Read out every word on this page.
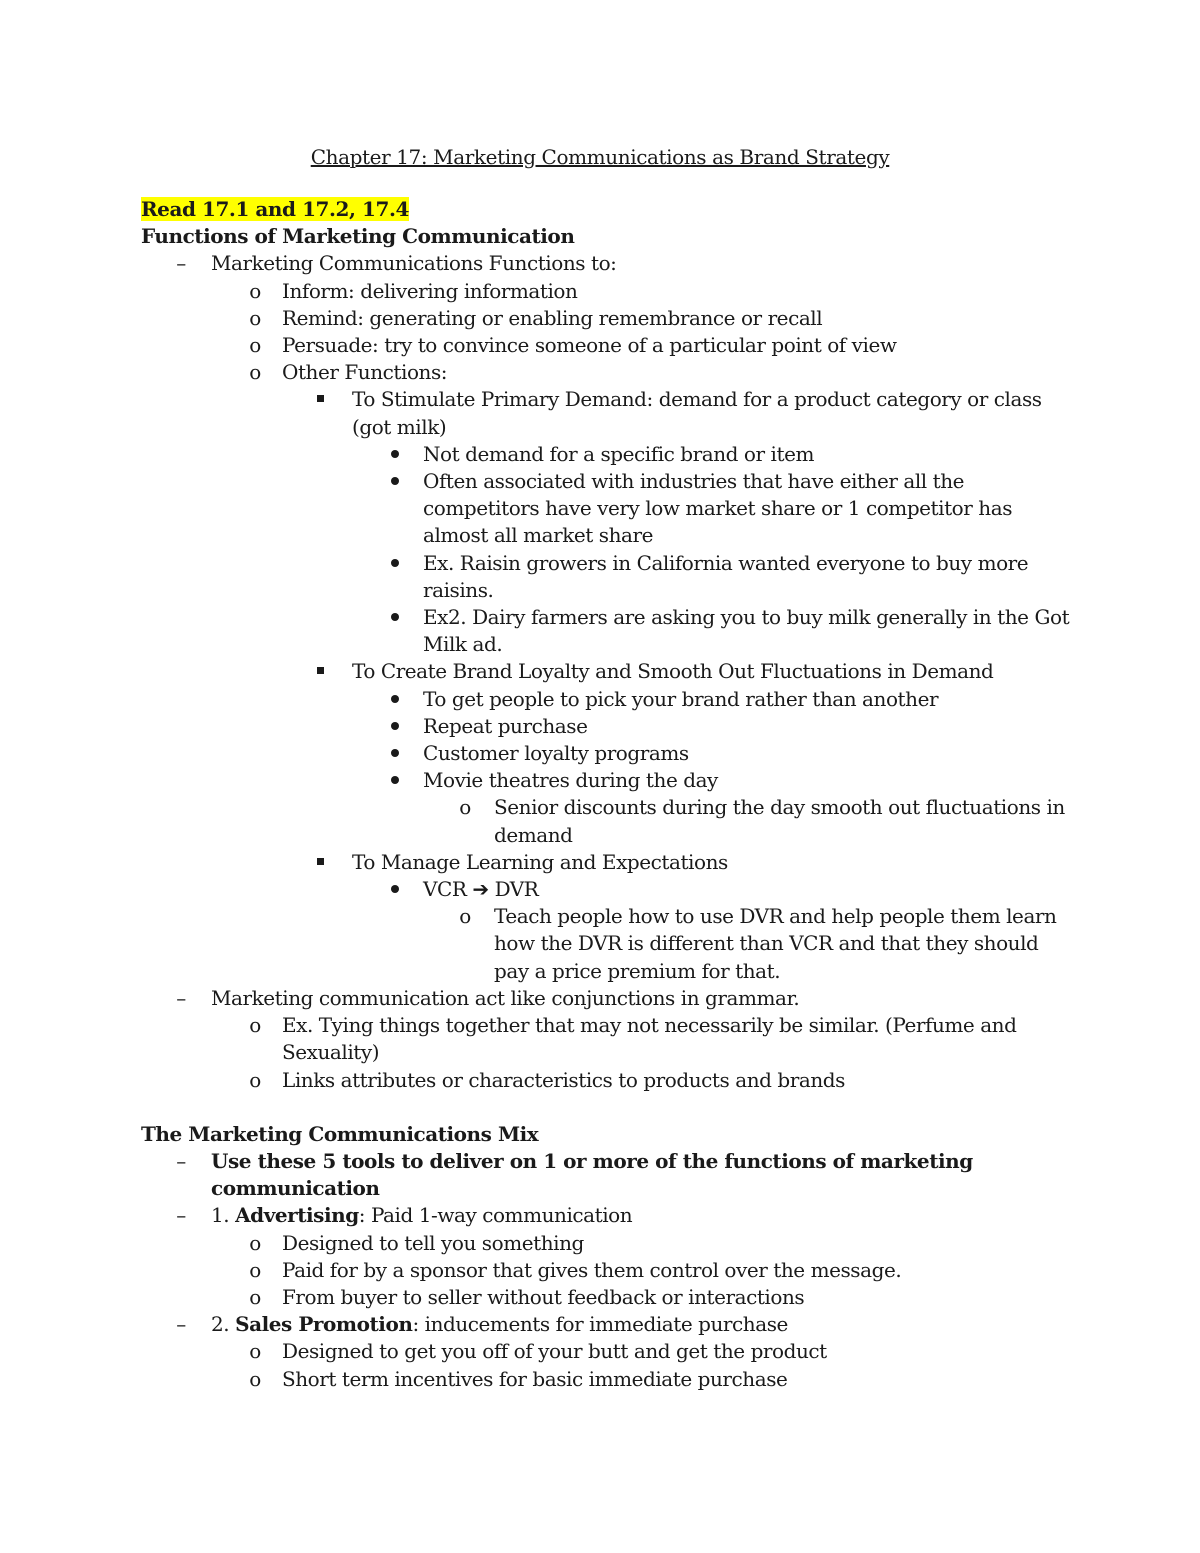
Chapter 17: Marketing Communications as Brand Strategy
Read 17.1 and 17.2, 17.4
Functions of Marketing Communication
– Marketing Communications Functions to:
o Inform: delivering information
o Remind: generating or enabling remembrance or recall
o Persuade: try to convince someone of a particular point of view
o Other Functions:
To Stimulate Primary Demand: demand for a product category or class (got milk)
Not demand for a specific brand or item
Often associated with industries that have either all the competitors have very low market share or 1 competitor has almost all market share
Ex. Raisin growers in California wanted everyone to buy more raisins.
Ex2. Dairy farmers are asking you to buy milk generally in the Got Milk ad.
To Create Brand Loyalty and Smooth Out Fluctuations in Demand
To get people to pick your brand rather than another
Repeat purchase
Customer loyalty programs
Movie theatres during the day
o Senior discounts during the day smooth out fluctuations in demand
To Manage Learning and Expectations
VCR ➔ DVR
o Teach people how to use DVR and help people them learn how the DVR is different than VCR and that they should pay a price premium for that.
– Marketing communication act like conjunctions in grammar.
o Ex. Tying things together that may not necessarily be similar. (Perfume and Sexuality)
o Links attributes or characteristics to products and brands
The Marketing Communications Mix
– Use these 5 tools to deliver on 1 or more of the functions of marketing communication
– 1. Advertising: Paid 1-way communication
o Designed to tell you something
o Paid for by a sponsor that gives them control over the message.
o From buyer to seller without feedback or interactions
– 2. Sales Promotion: inducements for immediate purchase
o Designed to get you off of your butt and get the product
o Short term incentives for basic immediate purchase
